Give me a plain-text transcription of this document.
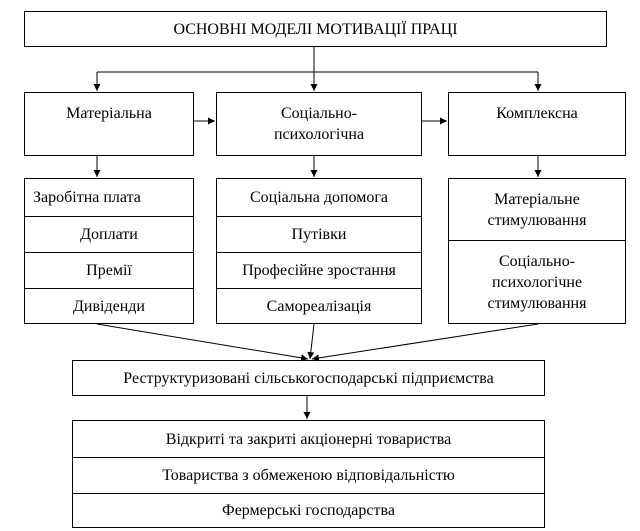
ОСНОВНІ МОДЕЛІ МОТИВАЦІЇ ПРАЦІ
Матеріальна	Соціально-
психологічна
Комплексна
Заробітна плата
Доплати
Премії
Дивіденди
Соціальна допомога
Путівки
Професійне зростання
Самореалізація
Матеріальне
стимулювання
Соціально-
психологічне
стимулювання
Реструктуризовані сільськогосподарські підприємства
Відкриті та закриті акціонерні товариства
Товариства з обмеженою відповідальністю
Фермерські господарства
